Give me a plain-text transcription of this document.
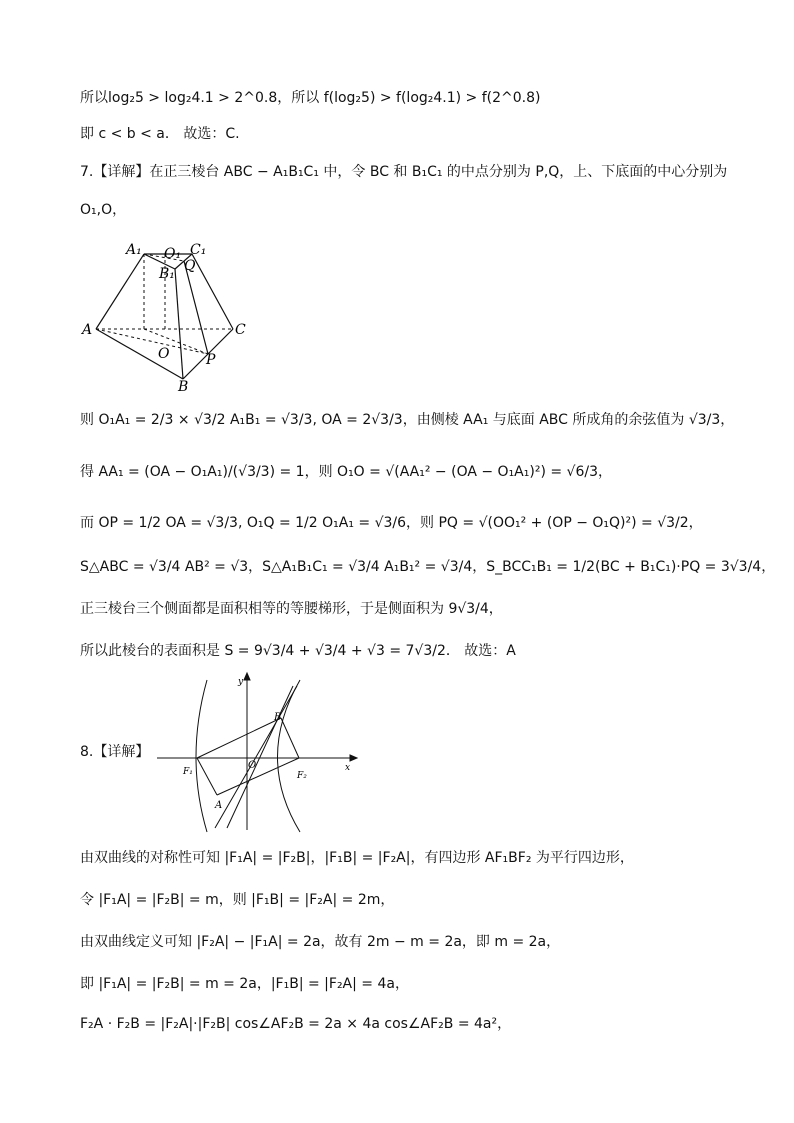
所以log₂5 > log₂4.1 > 2^0.8，所以 f(log₂5) > f(log₂4.1) > f(2^0.8)
即 c < b < a． 故选：C.
7.【详解】在正三棱台 ABC − A₁B₁C₁ 中，令 BC 和 B₁C₁ 的中点分别为 P,Q，上、下底面的中心分别为
O₁,O，
A₁ O₁ C₁
B₁ Q
A	C
O	P
B
则 O₁A₁ = 2/3 × √3/2 A₁B₁ = √3/3, OA = 2√3/3，由侧棱 AA₁ 与底面 ABC 所成角的余弦值为 √3/3，
得 AA₁ = (OA − O₁A₁)/(√3/3) = 1，则 O₁O = √(AA₁² − (OA − O₁A₁)²) = √6/3，
而 OP = 1/2 OA = √3/3, O₁Q = 1/2 O₁A₁ = √3/6，则 PQ = √(OO₁² + (OP − O₁Q)²) = √3/2，
S△ABC = √3/4 AB² = √3，S△A₁B₁C₁ = √3/4 A₁B₁² = √3/4，S_BCC₁B₁ = 1/2(BC + B₁C₁)·PQ = 3√3/4，
正三棱台三个侧面都是面积相等的等腰梯形，于是侧面积为 9√3/4，
所以此棱台的表面积是 S = 9√3/4 + √3/4 + √3 = 7√3/2． 故选：A
8.【详解】
y
x
B
O
F₁	F₂
A
由双曲线的对称性可知 |F₁A| = |F₂B|，|F₁B| = |F₂A|，有四边形 AF₁BF₂ 为平行四边形，
令 |F₁A| = |F₂B| = m，则 |F₁B| = |F₂A| = 2m，
由双曲线定义可知 |F₂A| − |F₁A| = 2a，故有 2m − m = 2a，即 m = 2a，
即 |F₁A| = |F₂B| = m = 2a，|F₁B| = |F₂A| = 4a，
F₂A · F₂B = |F₂A|·|F₂B| cos∠AF₂B = 2a × 4a cos∠AF₂B = 4a²，
